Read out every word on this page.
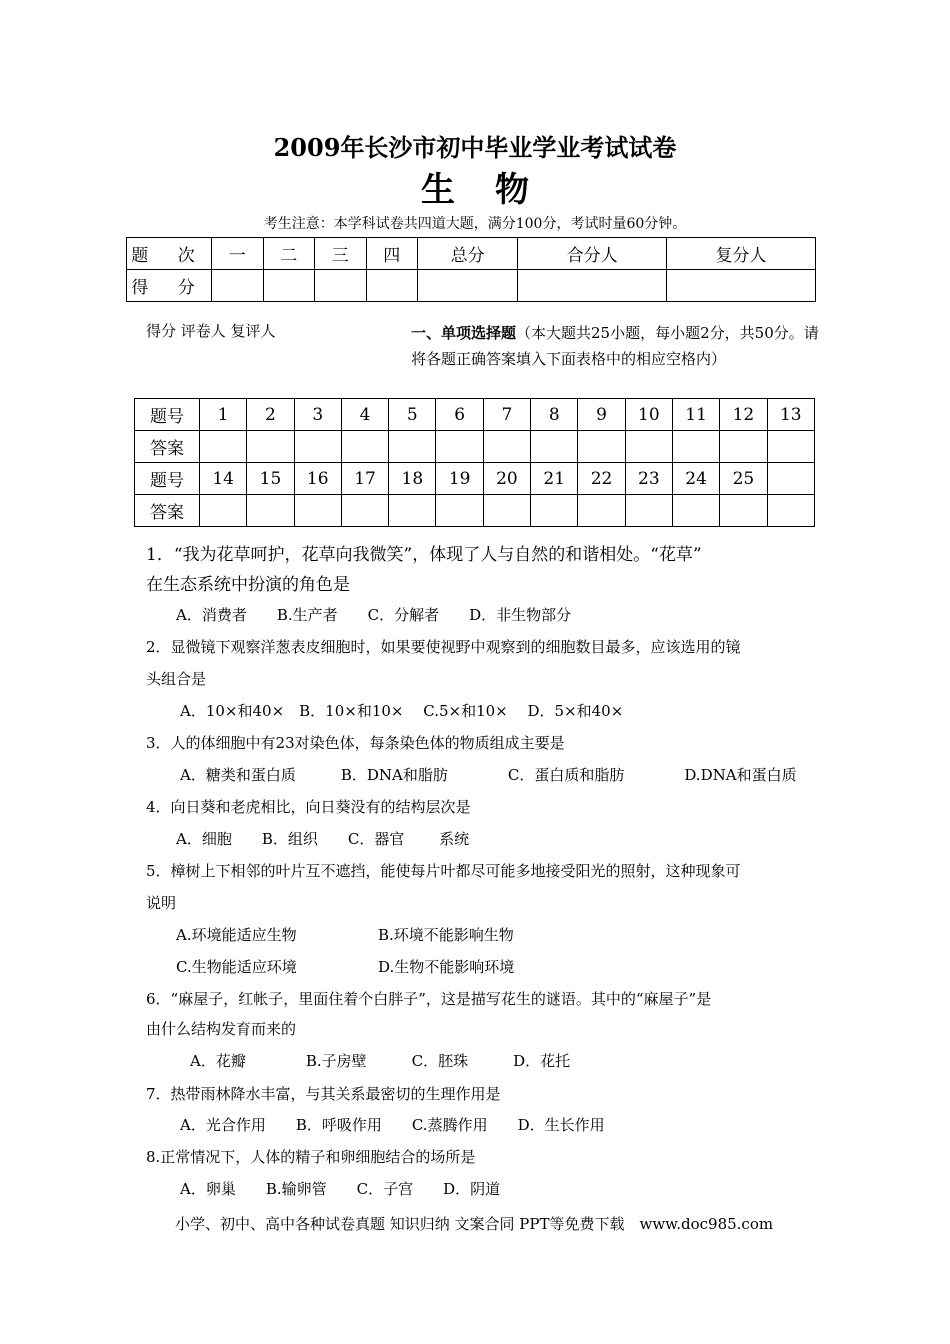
2009年长沙市初中毕业学业考试试卷
生物
考生注意：本学科试卷共四道大题，满分100分，考试时量60分钟。
题 次	一	二	三	四	总分	合分人	复分人
得 分							
得分 评卷人 复评人	一、单项选择题（本大题共25小题，每小题2分，共50分。请将各题正确答案填入下面表格中的相应空格内）
题号	1	2	3	4	5	6	7	8	9	10	11	12	13
答案													
题号	14	15	16	17	18	19	20	21	22	23	24	25	
答案													
1．“我为花草呵护，花草向我微笑”，体现了人与自然的和谐相处。“花草”
在生态系统中扮演的角色是
A．消费者　　B.生产者　　C．分解者　　D．非生物部分
2．显微镜下观察洋葱表皮细胞时，如果要使视野中观察到的细胞数目最多，应该选用的镜
头组合是
A．10×和40×　B．10×和10×　 C.5×和10×　 D．5×和40×
3．人的体细胞中有23对染色体，每条染色体的物质组成主要是
A．糖类和蛋白质　　　B．DNA和脂肪　　　　C．蛋白质和脂肪　　　　D.DNA和蛋白质
4．向日葵和老虎相比，向日葵没有的结构层次是
A．细胞　　B．组织　　C．器官　　 系统
5．樟树上下相邻的叶片互不遮挡，能使每片叶都尽可能多地接受阳光的照射，这种现象可
说明
A.环境能适应生物	B.环境不能影响生物
C.生物能适应环境	D.生物不能影响环境
6．“麻屋子，红帐子，里面住着个白胖子”，这是描写花生的谜语。其中的“麻屋子”是
由什么结构发育而来的
A．花瓣　　　　B.子房壁　　　C．胚珠　　　D．花托
7．热带雨林降水丰富，与其关系最密切的生理作用是
A．光合作用　　B．呼吸作用　　C.蒸腾作用　　D．生长作用
8.正常情况下，人体的精子和卵细胞结合的场所是
A．卵巢　　B.输卵管　　C．子宫　　D．阴道
小学、初中、高中各种试卷真题 知识归纳 文案合同 PPT等免费下载　www.doc985.com
